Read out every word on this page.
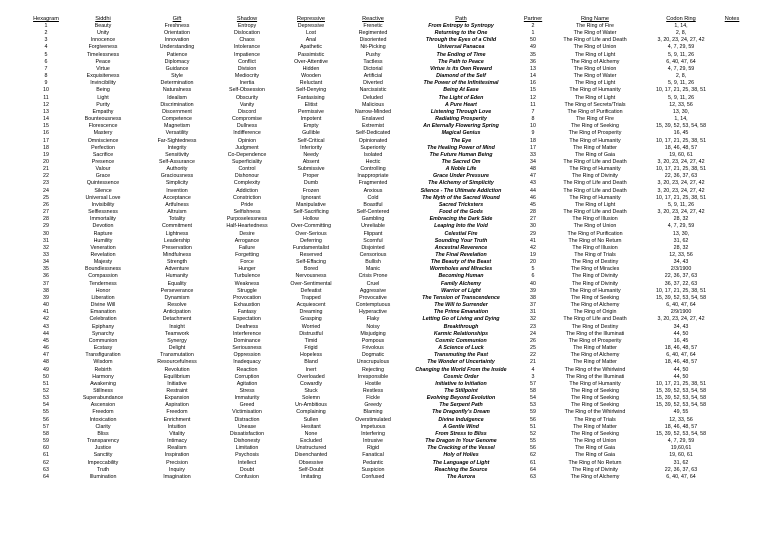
Hexagram	Siddhi	Gift	Shadow	Repressive	Reactive	Path	Partner	Ring Name	Codon Ring	Notes
1	Beauty	Freshness	Entropy	Depressive	Frenetic	From Entropy to Syntropy	2	The Ring of Fire	1, 14,	
2	Unity	Orientation	Dislocation	Lost	Regimented	Returning to the One	1	The Ring of Water	2, 8,	
3	Innocence	Innovation	Chaos	Anal	Disoriented	Through the Eyes of a Child	50	The Ring of Life and Death	3, 20, 23, 24, 27, 42	
4	Forgiveness	Understanding	Intolerance	Apathetic	Nit-Picking	Universal Panacea	49	The Ring of Union	4, 7, 29, 59	
5	Timelessness	Patience	Impatience	Passimistic	Pushy	The Ending of Time	35	The Ring of Light	5, 9, 11, 26	
6	Peace	Diplomacy	Conflict	Over-Attentive	Tactless	The Path to Peace	36	The Ring of Alchemy	6, 40, 47, 64	
7	Virtue	Guidance	Division	Hidden	Dictorial	Virtue is its Own Reward	13	The Ring of Union	4, 7, 29, 59	
8	Exquisiteness	Style	Mediocrity	Wooden	Artificial	Diamond of the Self	14	The Ring of Water	2, 8,	
9	Invincibility	Determination	Inertia	Reluctant	Diverted	The Power of the Infinitesimal	16	The Ring of Light	5, 9, 11, 26	
10	Being	Naturalness	Self-Obsession	Self-Denying	Narcissistic	Being At Ease	15	The Ring of Humanity	10, 17, 21, 25, 38, 51	
11	Light	Idealism	Obscurity	Fantasising	Deluded	The Light of Eden	12	The Ring of Light	5, 9, 11, 26	
12	Purity	Discrimination	Vanity	Elitist	Malicious	A Pure Heart	11	The Ring of Secrets/Trials	12, 33, 56	
13	Empathy	Discernment	Discord	Permissive	Narrow-Minded	Listening Through Love	7	The Ring of Purification	13, 30,	
14	Bounteousness	Competence	Compromise	Impotent	Enslaved	Radiating Prosperity	8	The Ring of Fire	1, 14,	
15	Florescence	Magnetism	Dullness	Empty	Extremist	An Eternally Flowering Spring	10	The Ring of Seeking	15, 39, 52, 53, 54, 58	
16	Mastery	Versatility	Indifference	Gullible	Self-Dedicated	Magical Genius	9	The Ring of Prosperity	16, 45	
17	Omniscience	Far-Sightedness	Opinion	Self-Critical	Opinionated	The Eye	18	The Ring of Humanity	10, 17, 21, 25, 38, 51	
18	Perfection	Integrity	Judgment	Inferiority	Superiority	The Healing Power of Mind	17	The Ring of Matter	18, 46, 48, 57	
19	Sacrifice	Sensitivity	Co-Dependence	Needy	Isolated	The Future Human Being	33	The Ring of Gaia	19, 60, 61	
20	Presence	Self-Assurance	Superficiality	Absent	Hectic	The Sacred Om	34	The Ring of Life and Death	3, 20, 23, 24, 27, 42	
21	Valour	Authority	Control	Submissive	Controlling	A Noble Life	48	The Ring of Humanity	10, 17, 21, 25, 38, 51	
22	Grace	Graciousness	Dishonour	Proper	Inappropriate	Grace Under Pressure	47	The Ring of Divinity	22, 36, 37, 63	
23	Quintessence	Simplicity	Complexity	Dumb	Fragmented	The Alchemy of Simplicity	43	The Ring of Life and Death	3, 20, 23, 24, 27, 42	
24	Silence	Invention	Addiction	Frozen	Anxious	Silence - The Ultimate Addiction	44	The Ring of Life and Death	3, 20, 23, 24, 27, 42	
25	Universal Love	Acceptance	Constriction	Ignorant	Cold	The Myth of the Sacred Wound	46	The Ring of Humanity	10, 17, 21, 25, 38, 51	
26	Invisibility	Artfulness	Pride	Manipulative	Boastful	Sacred Tricksters	45	The Ring of Light	5, 9, 11, 26	
27	Selflessness	Altruism	Selfishness	Self-Sacrificing	Self-Centered	Food of the Gods	28	The Ring of Life and Death	3, 20, 23, 24, 27, 42	
28	Immortality	Totality	Purposelessness	Hollow	Gambling	Embracing the Dark Side	27	The Ring of Illusion	28, 32	
29	Devotion	Commitment	Half-Heartedness	Over-Committing	Unreliable	Leaping Into the Void	30	The Ring of Union	4, 7, 29, 59	
30	Rapture	Lightness	Desire	Over-Serious	Flippant	Celestial Fire	29	The Ring of Purification	13, 30,	
31	Humility	Leadership	Arrogance	Deferring	Scornful	Sounding Your Truth	41	The Ring of No Return	31, 62	
32	Veneration	Preservation	Failure	Fundamentalist	Disjointed	Ancestral Reverence	42	The Ring of Illusion	28, 32	
33	Revelation	Mindfulness	Forgetting	Reserved	Censorious	The Final Revelation	19	The Ring of Trials	12, 33, 56	
34	Majesty	Strength	Force	Self-Effacing	Bullish	The Beauty of the Beast	20	The Ring of Destiny	34, 43	
35	Boundlessness	Adventure	Hunger	Bored	Manic	Wormholes and Miracles	5	The Ring of Miracles	2/3/1900	
36	Compassion	Humanity	Turbulence	Nervousness	Crisis Prone	Becoming Human	6	The Ring of Divinity	22, 36, 37, 63	
37	Tenderness	Equality	Weakness	Over-Sentimental	Cruel	Family Alchemy	40	The Ring of Divinity	36, 37, 22, 63	
38	Honor	Perseverance	Struggle	Defeatist	Aggressive	Warrior of Light	39	The Ring of Humanity	10, 17, 21, 25, 38, 51	
39	Liberation	Dynamism	Provocation	Trapped	Provocative	The Tension of Transcendence	38	The Ring of Seeking	15, 39, 52, 53, 54, 58	
40	Divine Will	Resolve	Exhaustion	Acquiescent	Contemptuous	The Will to Surrender	37	The Ring of Alchemy	6, 40, 47, 64	
41	Emanation	Anticipation	Fantasy	Dreaming	Hyperactive	The Prime Emanation	31	The Ring of Origin	2/9/1900	
42	Celebration	Detachment	Expectation	Grasping	Flaky	Letting Go of Living and Dying	32	The Ring of Life and Death	3, 20, 23, 24, 27, 42	
43	Epiphany	Insight	Deafness	Worried	Noisy	Breakthrough	23	The Ring of Destiny	34, 43	
44	Synarchy	Teamwork	Interference	Distrustful	Misjudging	Karmic Relationships	24	The Ring of the Illuminati	44, 50	
45	Communion	Synergy	Dominance	Timid	Pompous	Cosmic Communion	26	The Ring of Prosperity	16, 45	
46	Ecstasy	Delight	Seriousness	Frigid	Frivolous	A Science of Luck	25	The Ring of Matter	18, 46, 48, 57	
47	Transfiguration	Transmutation	Oppression	Hopeless	Dogmatic	Transmuting the Past	22	The Ring of Alchemy	6, 40, 47, 64	
48	Wisdom	Resourcefulness	Inadequacy	Bland	Unscrupulous	The Wonder of Uncertainty	21	The Ring of Matter	18, 46, 48, 57	
49	Rebirth	Revolution	Reaction	Inert	Rejecting	Changing the World From the Inside	4	The Ring of the Whirlwind	44, 50	
50	Harmony	Equilibrium	Corruption	Overloaded	Irresponsible	Cosmic Order	3	The Ring of the Illuminati	44, 50	
51	Awakening	Initiative	Agitation	Cowardly	Hostile	Initiative to Initiation	57	The Ring of Humanity	10, 17, 21, 25, 38, 51	
52	Stillness	Restraint	Stress	Stuck	Restless	The Stillpoint	58	The Ring of Seeking	15, 39, 52, 53, 54, 58	
53	Superabundance	Expansion	Immaturity	Solemn	Fickle	Evolving Beyond Evolution	54	The Ring of Seeking	15, 39, 52, 53, 54, 58	
54	Ascension	Aspiration	Greed	Un-Ambitious	Greedy	The Serpent Path	53	The Ring of Seeking	15, 39, 52, 53, 54, 58	
55	Freedom	Freedom	Victimisation	Complaining	Blaming	The Dragonfly's Dream	59	The Ring of the Whirlwind	49, 55	
56	Intoxication	Enrichment	Distraction	Sullen	Overstimulated	Divine Indulgence	56	The Ring of Trials	12, 33, 56	
57	Clarity	Intuition	Unease	Hesitant	Impetuous	A Gentle Wind	51	The Ring of Matter	18, 46, 48, 57	
58	Bliss	Vitality	Dissatisfaction	None	Interfering	From Stress to Bliss	52	The Ring of Seeking	15, 39, 52, 53, 54, 58	
59	Transparency	Intimacy	Dishonesty	Excluded	Intrusive	The Dragon In Your Genome	55	The Ring of Union	4, 7, 29, 59	
60	Justice	Realism	Limitation	Unstructured	Rigid	The Cracking of the Vessel	56	The Ring of Gaia	19,60,61	
61	Sanctity	Inspiration	Psychosis	Disenchanted	Fanatical	Holy of Holies	62	The Ring of Gaia	19, 60, 61	
62	Impeccability	Precision	Intellect	Obsessive	Pedantic	The Language of Light	61	The Ring of No Return	31, 62	
63	Truth	Inquiry	Doubt	Self-Doubt	Suspicion	Reaching the Source	64	The Ring of Divinity	22, 36, 37, 63	
64	Illumination	Imagination	Confusion	Imitating	Confused	The Aurora	63	The Ring of Alchemy	6, 40, 47, 64	
